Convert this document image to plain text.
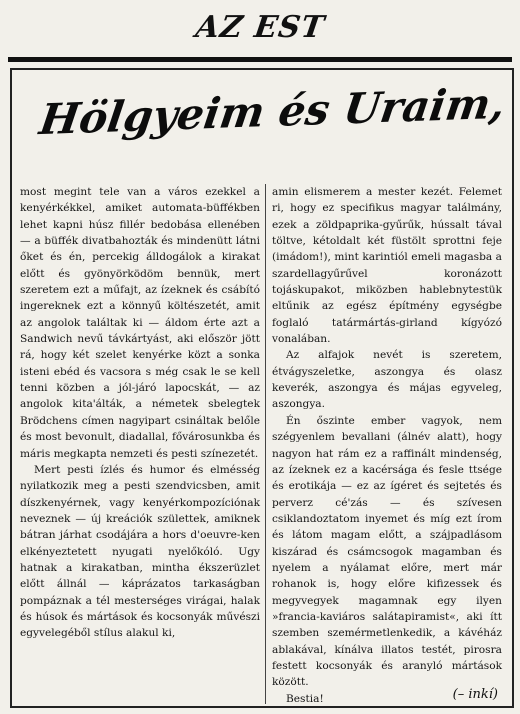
AZ EST
Hölgyeim és Uraim,

most megint tele van a város ezekkel a kenyérkékkel, amiket automata-büffékben lehet kapni húsz fillér bedobása ellenében — a büffék divatbahozták és mindenütt látni őket és én, percekig álldogálok a kirakat előtt és gyönyörködöm bennük, mert szeretem ezt a műfajt, az ízeknek és csábító ingereknek ezt a könnyű költészetét, amit az angolok találtak ki — áldom érte azt a Sandwich nevű távkártyást, aki először jött rá, hogy két szelet kenyérke közt a sonka isteni ebéd és vacsora s még csak le se kell tenni közben a jól-járó lapocskát, — az angolok kita'álták, a németek sbelegtek Brödchens címen nagyipart csináltak belőle és most bevonult, diadallal, fővárosunkba és máris megkapta nemzeti és pesti színezetét.

Mert pesti ízlés és humor és elmésség nyilatkozik meg a pesti szendvicsben, amit díszkenyérnek, vagy kenyérkompozíciónak neveznek — új kreációk születtek, amiknek bátran járhat csodájára a hors d'oeuvre-ken elkényeztetett nyugati nyelőkóló. Ugy hatnak a kirakatban, mintha ékszerüzlet előtt állnál — káprázatos tarkaságban pompáznak a tél mesterséges virágai, halak és húsok és mártások és kocsonyák művészi egyvelegéből stílus alakul ki,

amin elismerem a mester kezét. Felemet ri, hogy ez specifikus magyar találmány, ezek a zöldpaprika-gyűrűk, hússalt tával töltve, kétoldalt két füstölt sprottni feje (imádom!), mint karintiól emeli magasba a szardellagyűrűvel koronázott tojáskupakot, miközben hablebnytestük eltűnik az egész építmény egységbe foglaló tatármártás-girland kígyózó vonalában.

Az alfajok nevét is szeretem, étvágyszeletke, aszongya és olasz keverék, aszongya és májas egyveleg, aszongya.

Én őszinte ember vagyok, nem szégyenlem bevallani (álnév alatt), hogy nagyon hat rám ez a raffinált mindenség, az ízeknek ez a kacérsága és fesle ttsége és erotikája — ez az ígéret és sejtetés és perverz cé'zás — és szívesen csiklandoztatom inyemet és míg ezt írom és látom magam előtt, a szájpadlásom kiszárad és csámcsogok magamban és nyelem a nyálamat előre, mert már rohanok is, hogy előre kifizessek és megyvegyek magamnak egy ilyen »francia-kaviáros salátapiramist«, aki ítt szemben szemérmetlenkedik, a kávéház ablakával, kínálva illatos testét, pirosra festett kocsonyák és aranyló mártások között.

Bestia!	(– inkí)
